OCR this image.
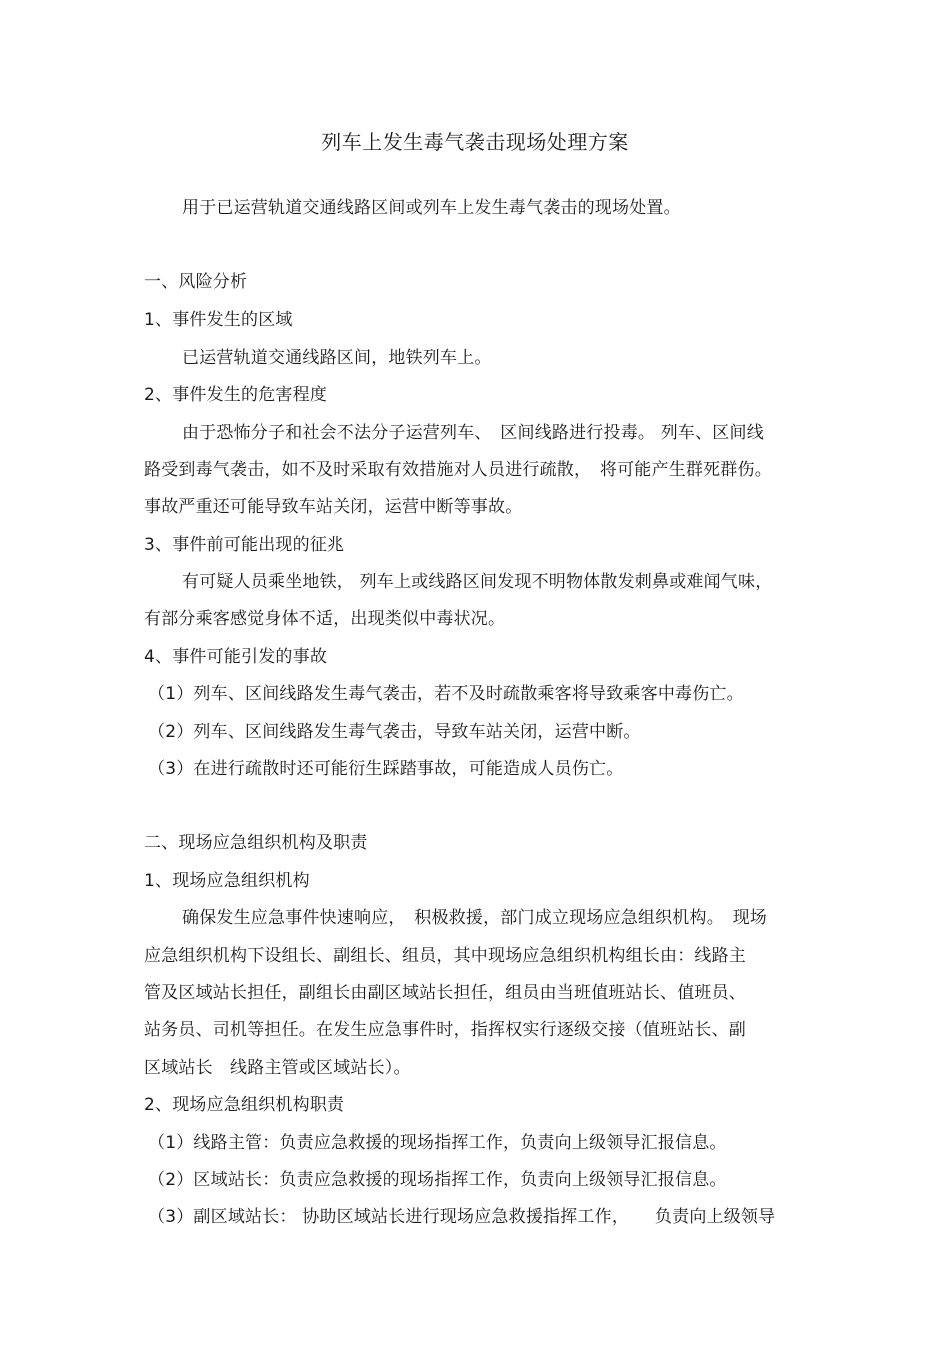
列车上发生毒气袭击现场处理方案
用于已运营轨道交通线路区间或列车上发生毒气袭击的现场处置。
一、风险分析
1、事件发生的区域
已运营轨道交通线路区间，地铁列车上。
2、事件发生的危害程度
由于恐怖分子和社会不法分子运营列车、　区间线路进行投毒。 列车、区间线
路受到毒气袭击，如不及时采取有效措施对人员进行疏散，　将可能产生群死群伤。
事故严重还可能导致车站关闭，运营中断等事故。
3、事件前可能出现的征兆
有可疑人员乘坐地铁， 列车上或线路区间发现不明物体散发刺鼻或难闻气味，
有部分乘客感觉身体不适，出现类似中毒状况。
4、事件可能引发的事故
（1）列车、区间线路发生毒气袭击，若不及时疏散乘客将导致乘客中毒伤亡。
（2）列车、区间线路发生毒气袭击，导致车站关闭，运营中断。
（3）在进行疏散时还可能衍生踩踏事故，可能造成人员伤亡。
二、现场应急组织机构及职责
1、现场应急组织机构
确保发生应急事件快速响应，　积极救援，部门成立现场应急组织机构。　现场
应急组织机构下设组长、副组长、组员，其中现场应急组织机构组长由：线路主
管及区域站长担任，副组长由副区域站长担任，组员由当班值班站长、值班员、
站务员、司机等担任。在发生应急事件时，指挥权实行逐级交接（值班站长、副
区域站长　线路主管或区域站长）。
2、现场应急组织机构职责
（1）线路主管：负责应急救援的现场指挥工作，负责向上级领导汇报信息。
（2）区域站长：负责应急救援的现场指挥工作，负责向上级领导汇报信息。
（3）副区域站长： 协助区域站长进行现场应急救援指挥工作，　　负责向上级领导
